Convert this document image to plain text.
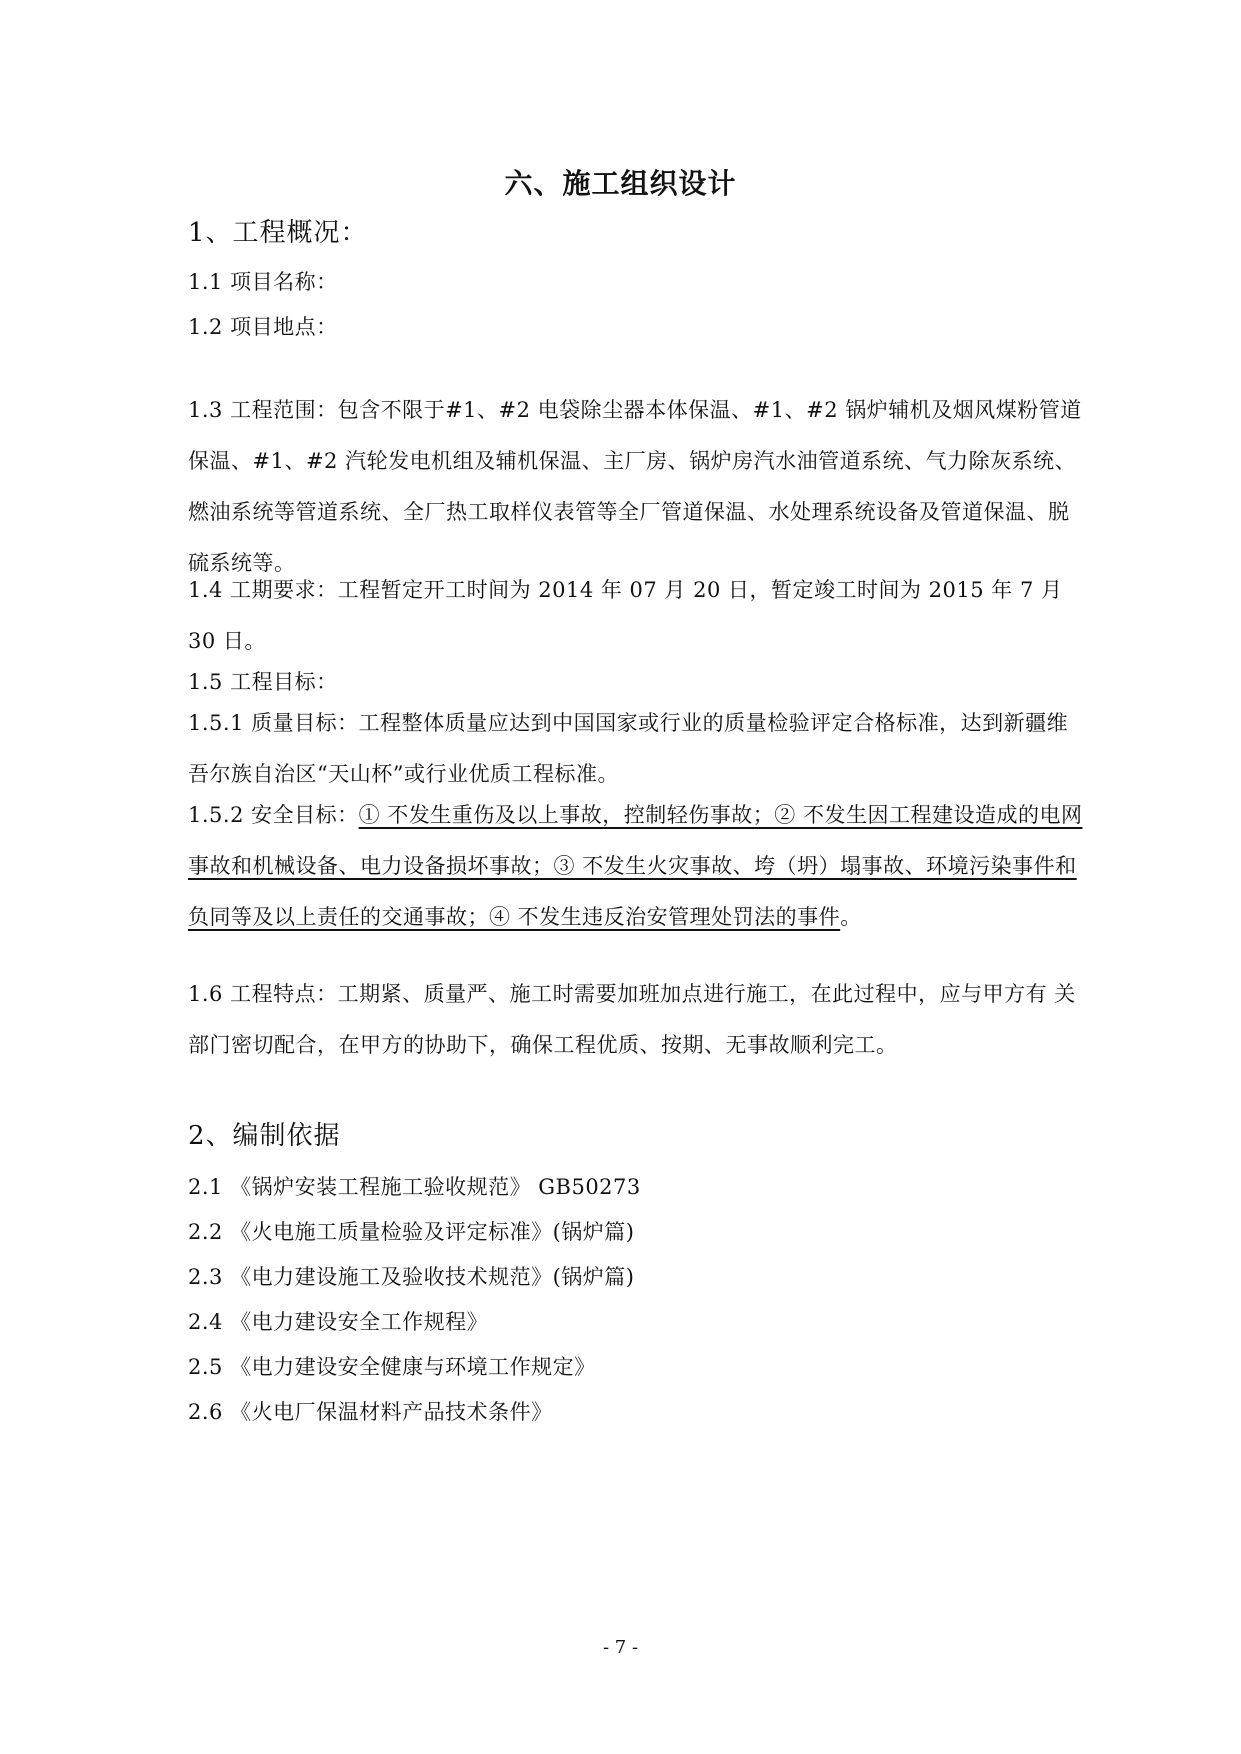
六、施工组织设计
1、工程概况：
1.1 项目名称：
1.2 项目地点：
1.3 工程范围：包含不限于#1、#2 电袋除尘器本体保温、#1、#2 锅炉辅机及烟风煤粉管道保温、#1、#2 汽轮发电机组及辅机保温、主厂房、锅炉房汽水油管道系统、气力除灰系统、燃油系统等管道系统、全厂热工取样仪表管等全厂管道保温、水处理系统设备及管道保温、脱硫系统等。
1.4 工期要求：工程暂定开工时间为 2014 年 07 月 20 日，暂定竣工时间为 2015 年 7 月 30 日。
1.5 工程目标：
1.5.1 质量目标：工程整体质量应达到中国国家或行业的质量检验评定合格标准，达到新疆维吾尔族自治区“天山杯”或行业优质工程标准。
1.5.2 安全目标：① 不发生重伤及以上事故，控制轻伤事故；② 不发生因工程建设造成的电网事故和机械设备、电力设备损坏事故；③ 不发生火灾事故、垮（坍）塌事故、环境污染事件和负同等及以上责任的交通事故；④ 不发生违反治安管理处罚法的事件。
1.6 工程特点：工期紧、质量严、施工时需要加班加点进行施工，在此过程中，应与甲方有 关部门密切配合，在甲方的协助下，确保工程优质、按期、无事故顺利完工。
2、编制依据
2.1 《锅炉安装工程施工验收规范》 GB50273
2.2 《火电施工质量检验及评定标准》(锅炉篇)
2.3 《电力建设施工及验收技术规范》(锅炉篇)
2.4 《电力建设安全工作规程》
2.5 《电力建设安全健康与环境工作规定》
2.6 《火电厂保温材料产品技术条件》
- 7 -
